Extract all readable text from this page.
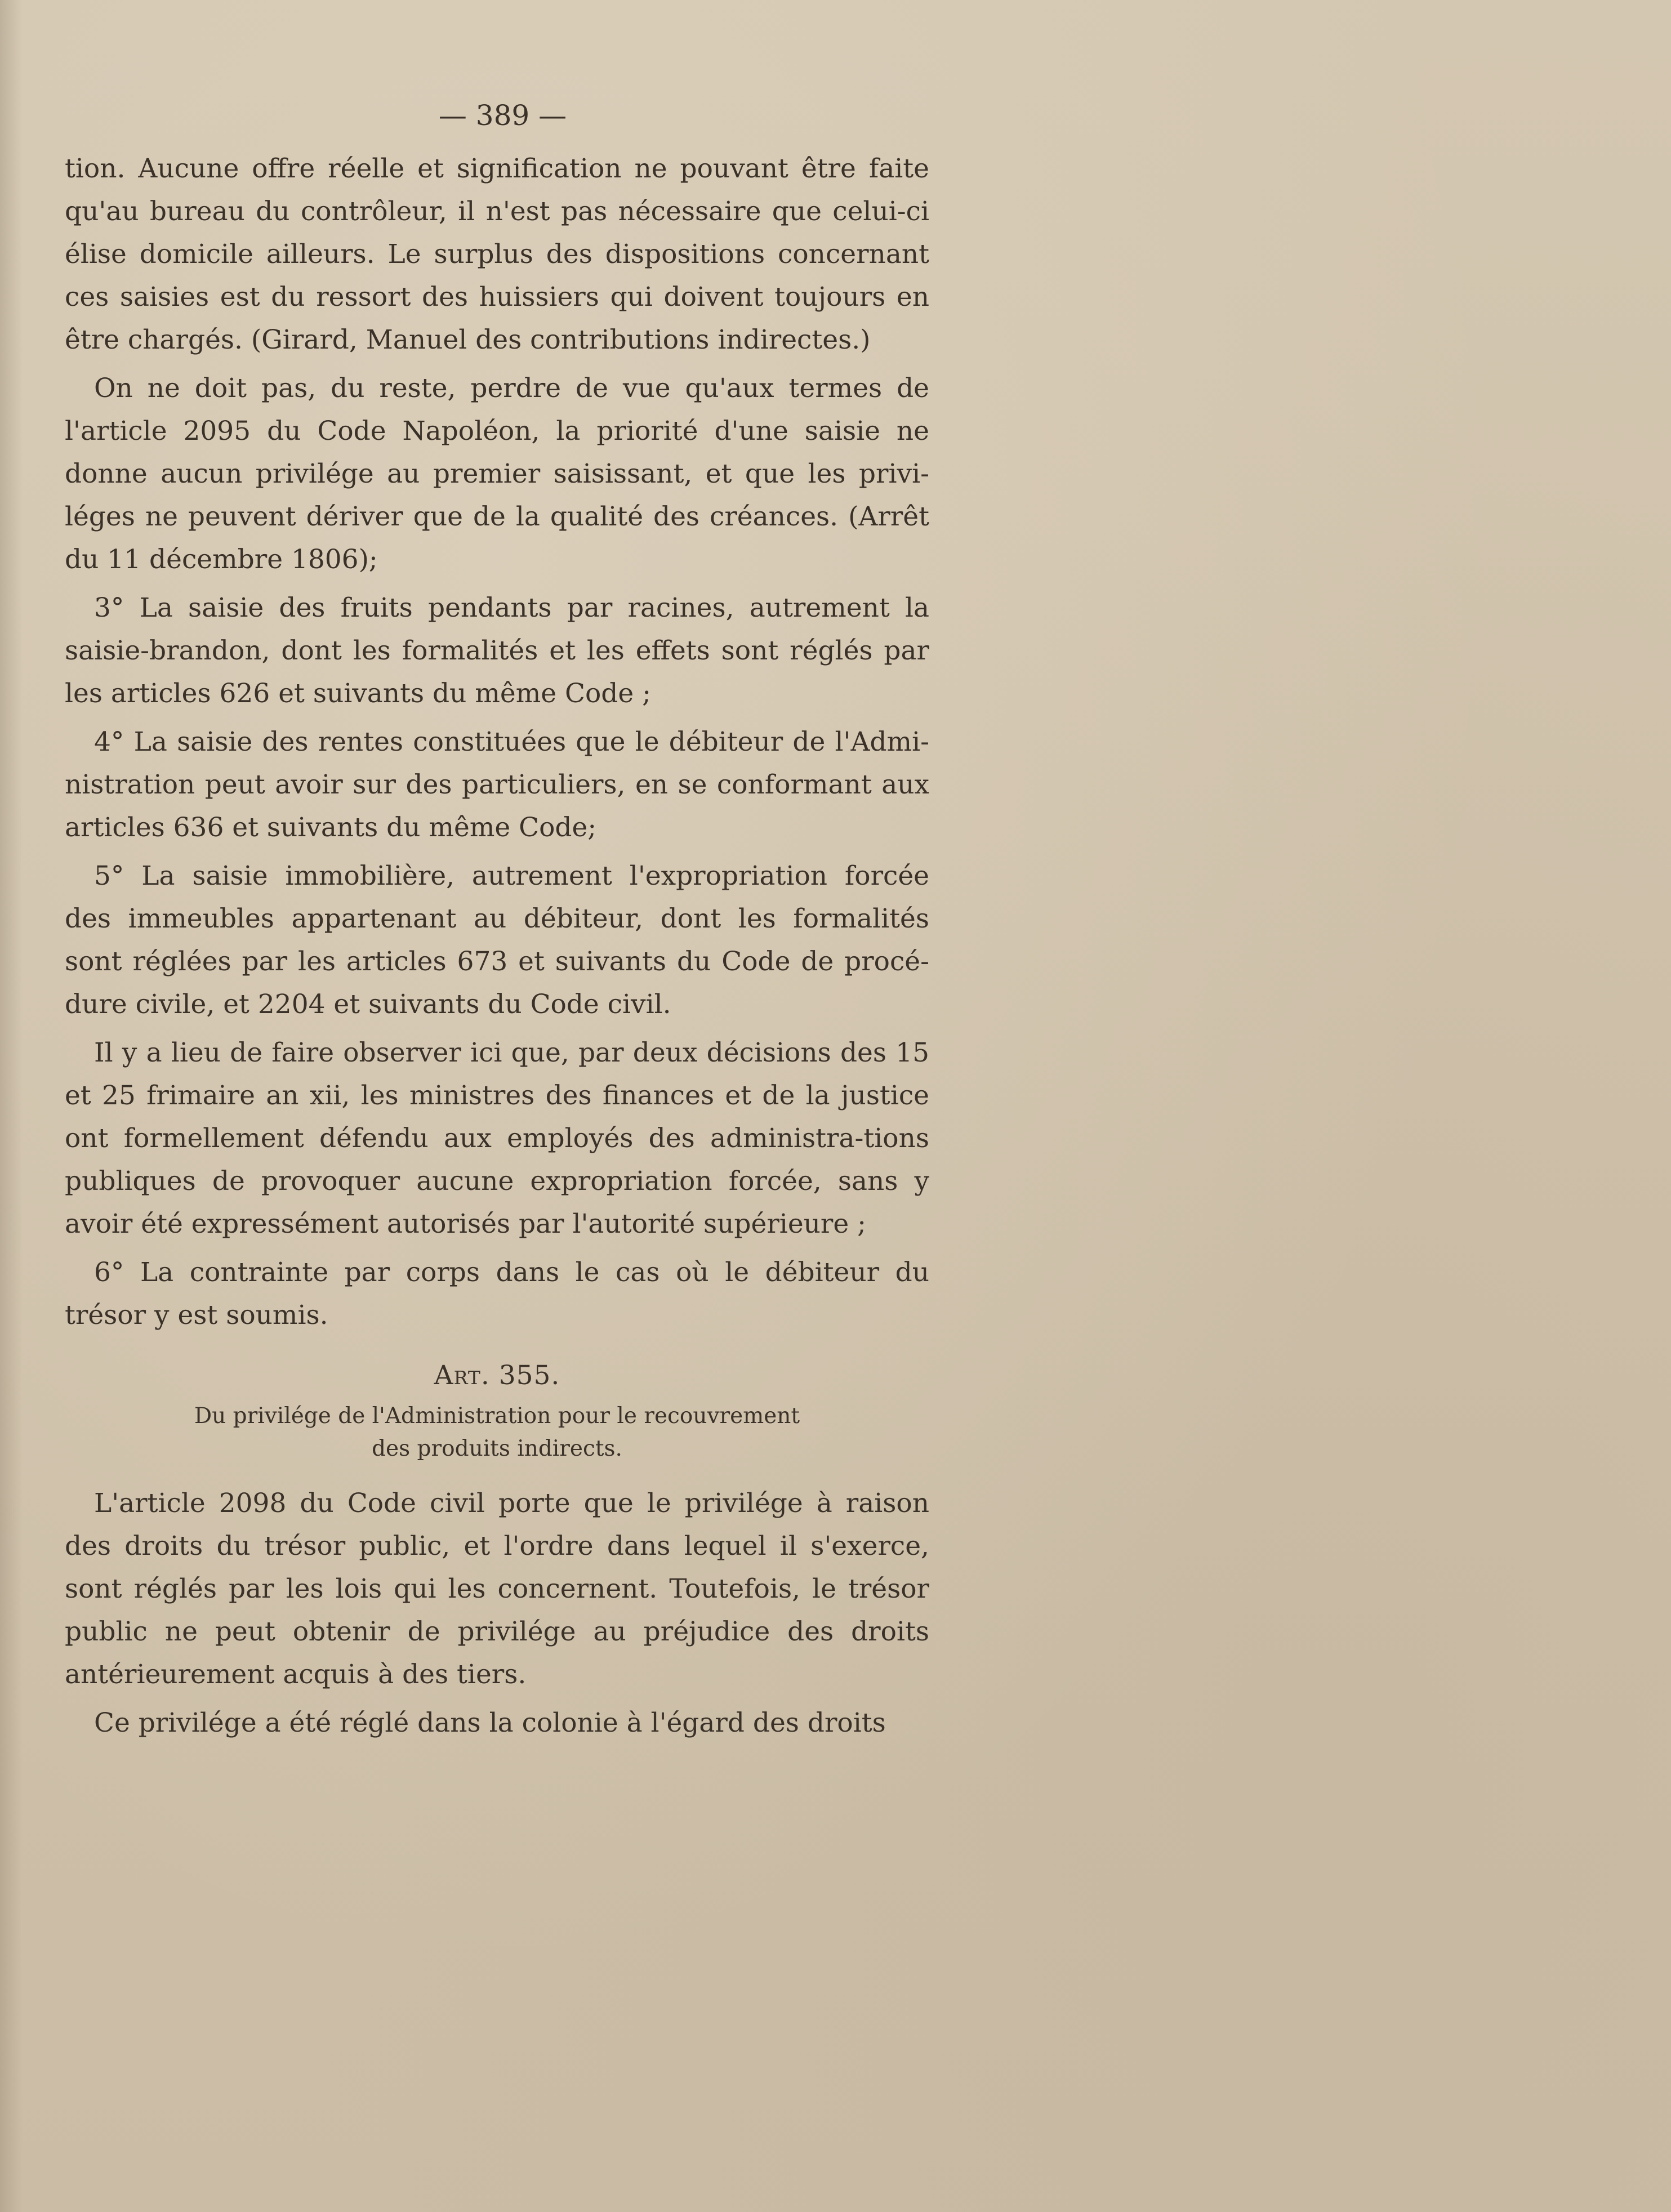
— 389 —

tion. Aucune offre réelle et signification ne pouvant être faite qu'au bureau du contrôleur, il n'est pas nécessaire que celui-ci élise domicile ailleurs. Le surplus des dispositions concernant ces saisies est du ressort des huissiers qui doivent toujours en être chargés. (Girard, Manuel des contributions indirectes.)

On ne doit pas, du reste, perdre de vue qu'aux termes de l'article 2095 du Code Napoléon, la priorité d'une saisie ne donne aucun privilége au premier saisissant, et que les privi-léges ne peuvent dériver que de la qualité des créances. (Arrêt du 11 décembre 1806);

3° La saisie des fruits pendants par racines, autrement la saisie-brandon, dont les formalités et les effets sont réglés par les articles 626 et suivants du même Code ;

4° La saisie des rentes constituées que le débiteur de l'Admi-nistration peut avoir sur des particuliers, en se conformant aux articles 636 et suivants du même Code;

5° La saisie immobilière, autrement l'expropriation forcée des immeubles appartenant au débiteur, dont les formalités sont réglées par les articles 673 et suivants du Code de procé-dure civile, et 2204 et suivants du Code civil.

Il y a lieu de faire observer ici que, par deux décisions des 15 et 25 frimaire an xii, les ministres des finances et de la justice ont formellement défendu aux employés des administra-tions publiques de provoquer aucune expropriation forcée, sans y avoir été expressément autorisés par l'autorité supérieure ;

6° La contrainte par corps dans le cas où le débiteur du trésor y est soumis.

Art. 355.
Du privilége de l'Administration pour le recouvrement
des produits indirects.

L'article 2098 du Code civil porte que le privilége à raison des droits du trésor public, et l'ordre dans lequel il s'exerce, sont réglés par les lois qui les concernent. Toutefois, le trésor public ne peut obtenir de privilége au préjudice des droits antérieurement acquis à des tiers.

Ce privilége a été réglé dans la colonie à l'égard des droits
